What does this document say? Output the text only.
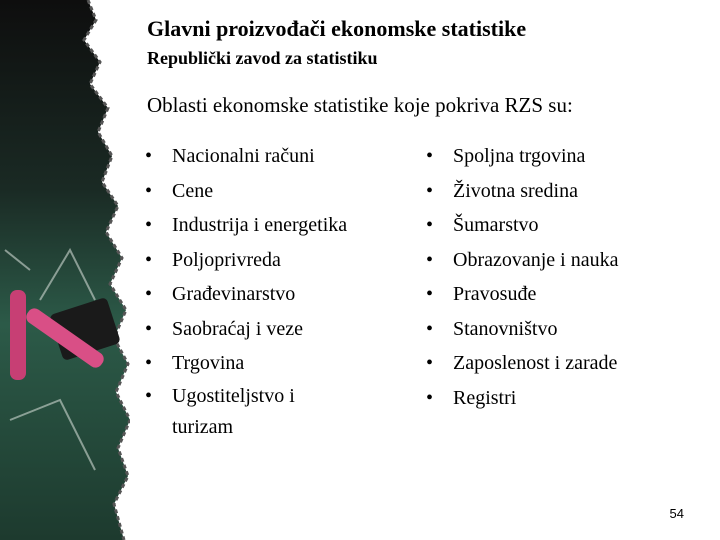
Glavni proizvođači ekonomske statistike
Republički zavod za statistiku
Oblasti ekonomske statistike koje pokriva RZS su:
• Nacionalni računi
• Cene
• Industrija i energetika
• Poljoprivreda
• Građevinarstvo
• Saobraćaj i veze
• Trgovina
• Ugostiteljstvo i turizam
• Spoljna trgovina
• Životna sredina
• Šumarstvo
• Obrazovanje i nauka
• Pravosuđe
• Stanovništvo
• Zaposlenost i zarade
• Registri
54
